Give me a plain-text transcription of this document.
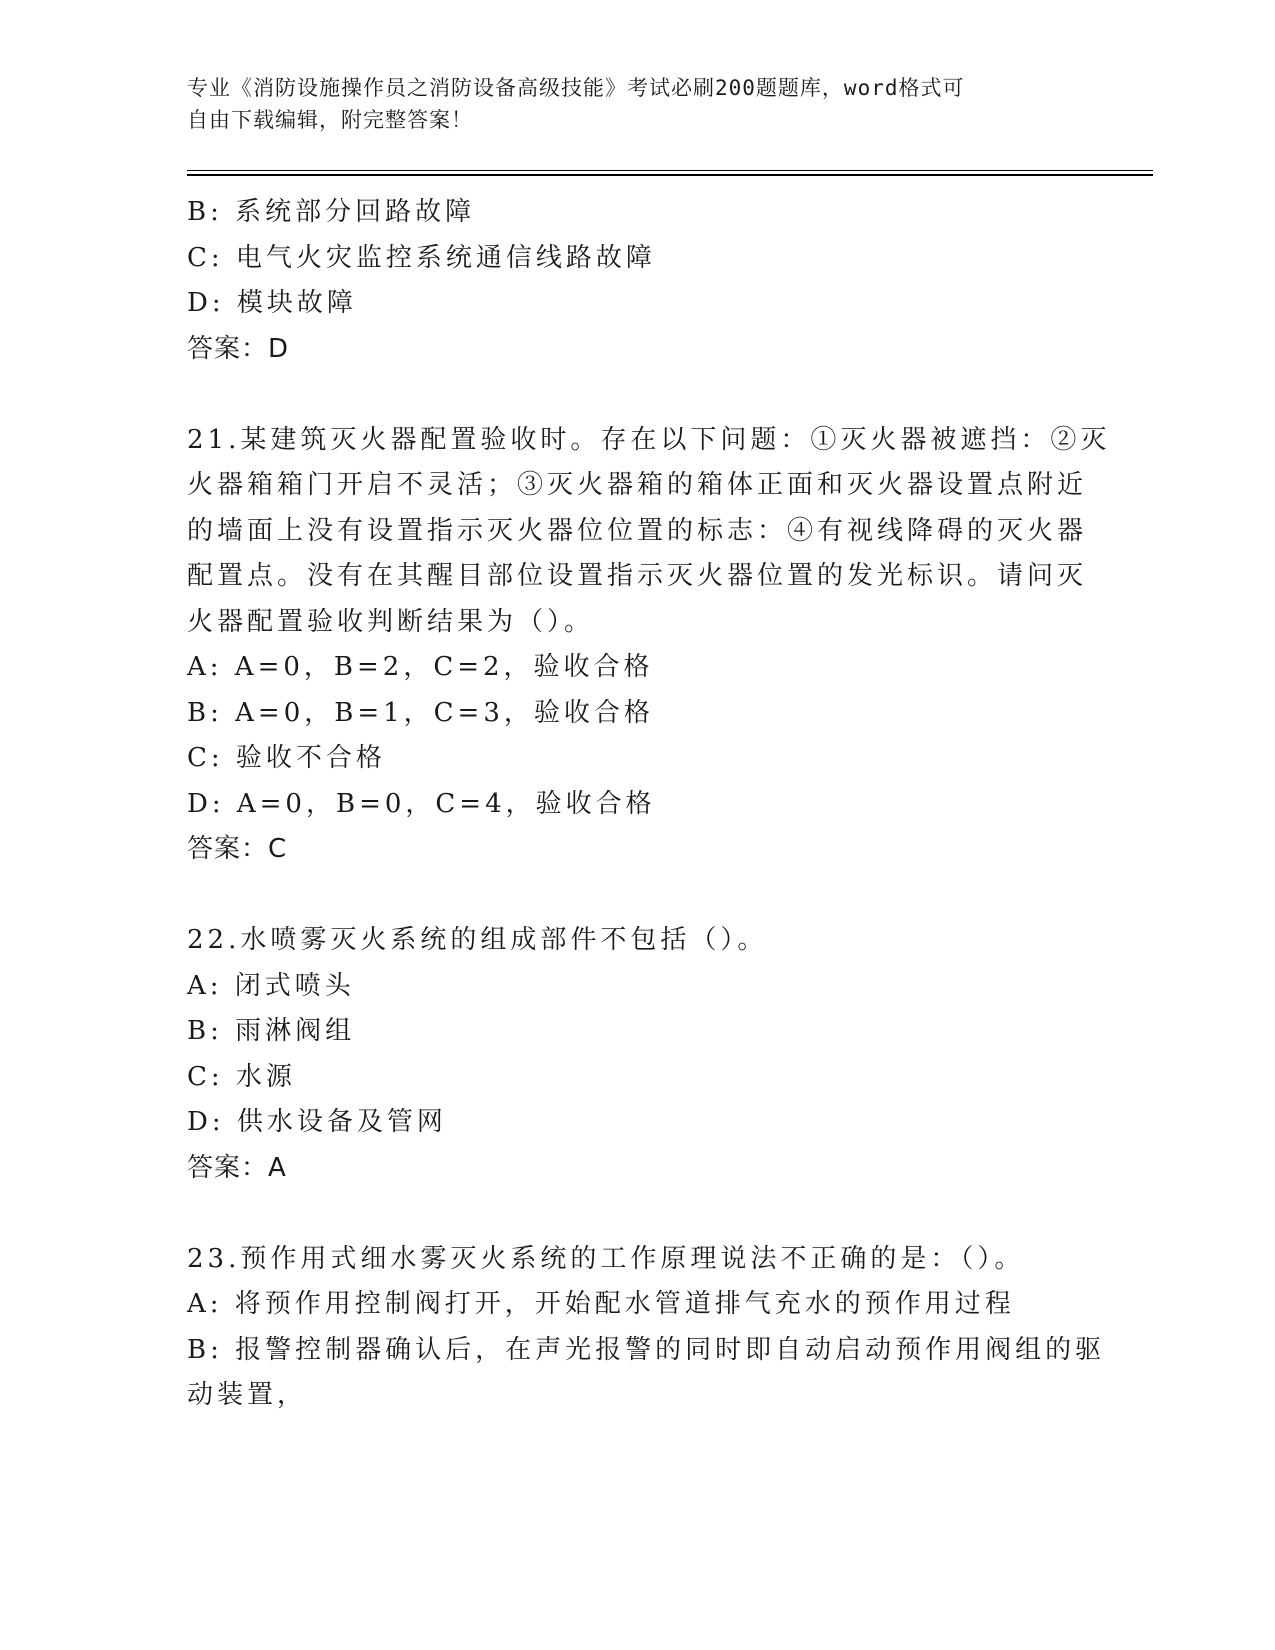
专业《消防设施操作员之消防设备高级技能》考试必刷200题题库，word格式可
自由下载编辑，附完整答案！
B: 系统部分回路故障
C: 电气火灾监控系统通信线路故障
D: 模块故障
答案：D
21.某建筑灭火器配置验收时。存在以下问题：①灭火器被遮挡：②灭
火器箱箱门开启不灵活；③灭火器箱的箱体正面和灭火器设置点附近
的墙面上没有设置指示灭火器位位置的标志：④有视线降碍的灭火器
配置点。没有在其醒目部位设置指示灭火器位置的发光标识。请问灭
火器配置验收判断结果为（）。
A: A=0，B=2，C=2，验收合格
B: A=0，B=1，C=3，验收合格
C: 验收不合格
D: A=0，B=0，C=4，验收合格
答案：C
22.水喷雾灭火系统的组成部件不包括（）。
A: 闭式喷头
B: 雨淋阀组
C: 水源
D: 供水设备及管网
答案：A
23.预作用式细水雾灭火系统的工作原理说法不正确的是：（）。
A: 将预作用控制阀打开，开始配水管道排气充水的预作用过程
B: 报警控制器确认后，在声光报警的同时即自动启动预作用阀组的驱
动装置，
